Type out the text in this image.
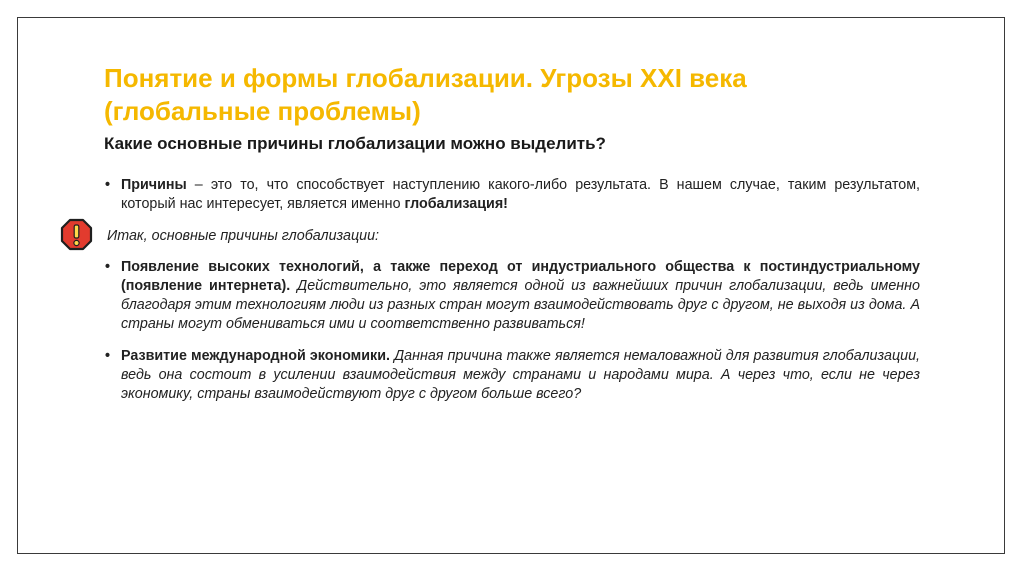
Понятие и формы глобализации. Угрозы XXI века (глобальные проблемы)
Какие основные причины глобализации можно выделить?
• Причины – это то, что способствует наступлению какого-либо результата. В нашем случае, таким результатом, который нас интересует, является именно глобализация!
Итак, основные причины глобализации:
• Появление высоких технологий, а также переход от индустриального общества к постиндустриальному (появление интернета). Действительно, это является одной из важнейших причин глобализации, ведь именно благодаря этим технологиям люди из разных стран могут взаимодействовать друг с другом, не выходя из дома. А страны могут обмениваться ими и соответственно развиваться!
• Развитие международной экономики. Данная причина также является немаловажной для развития глобализации, ведь она состоит в усилении взаимодействия между странами и народами мира. А через что, если не через экономику, страны взаимодействуют друг с другом больше всего?
